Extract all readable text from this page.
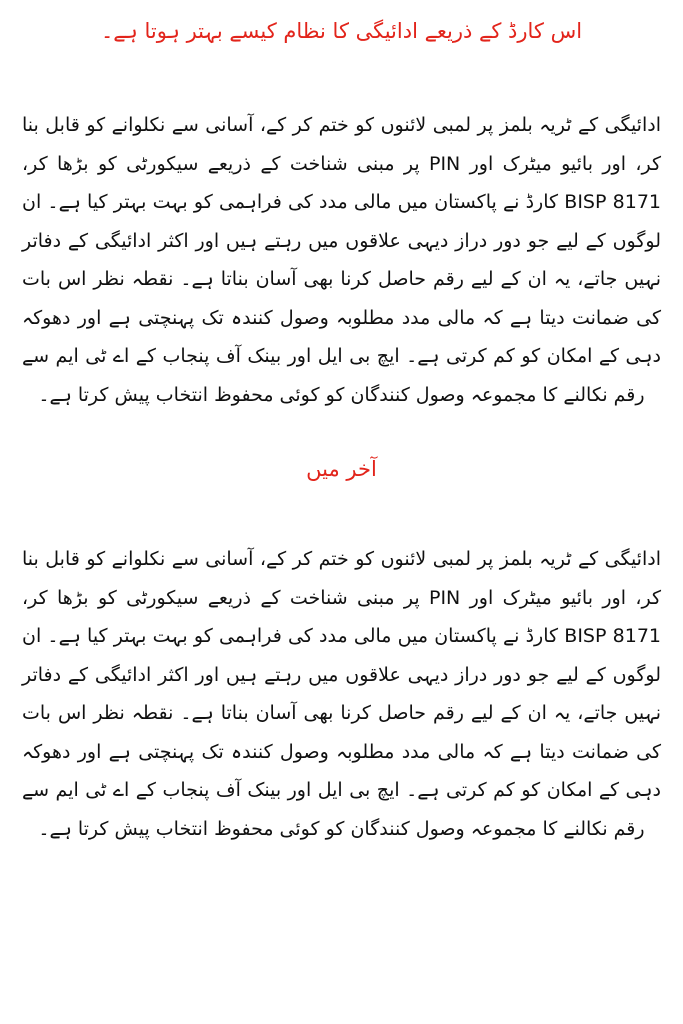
اس کارڈ کے ذریعے ادائیگی کا نظام کیسے بہتر ہوتا ہے۔

ادائیگی کے ٹریہ بلمز پر لمبی لائنوں کو ختم کر کے، آسانی سے نکلوانے کو قابل بنا کر، اور بائیو میٹرک اور PIN پر مبنی شناخت کے ذریعے سیکورٹی کو بڑھا کر، BISP 8171 کارڈ نے پاکستان میں مالی مدد کی فراہمی کو بہت بہتر کیا ہے۔ ان لوگوں کے لیے جو دور دراز دیہی علاقوں میں رہتے ہیں اور اکثر ادائیگی کے دفاتر نہیں جاتے، یہ ان کے لیے رقم حاصل کرنا بھی آسان بناتا ہے۔ نقطہ نظر اس بات کی ضمانت دیتا ہے کہ مالی مدد مطلوبہ وصول کنندہ تک پہنچتی ہے اور دھوکہ دہی کے امکان کو کم کرتی ہے۔ ایچ بی ایل اور بینک آف پنجاب کے اے ٹی ایم سے رقم نکالنے کا مجموعہ وصول کنندگان کو کوئی محفوظ انتخاب پیش کرتا ہے۔

آخر میں

ادائیگی کے ٹریہ بلمز پر لمبی لائنوں کو ختم کر کے، آسانی سے نکلوانے کو قابل بنا کر، اور بائیو میٹرک اور PIN پر مبنی شناخت کے ذریعے سیکورٹی کو بڑھا کر، BISP 8171 کارڈ نے پاکستان میں مالی مدد کی فراہمی کو بہت بہتر کیا ہے۔ ان لوگوں کے لیے جو دور دراز دیہی علاقوں میں رہتے ہیں اور اکثر ادائیگی کے دفاتر نہیں جاتے، یہ ان کے لیے رقم حاصل کرنا بھی آسان بناتا ہے۔ نقطہ نظر اس بات کی ضمانت دیتا ہے کہ مالی مدد مطلوبہ وصول کنندہ تک پہنچتی ہے اور دھوکہ دہی کے امکان کو کم کرتی ہے۔ ایچ بی ایل اور بینک آف پنجاب کے اے ٹی ایم سے رقم نکالنے کا مجموعہ وصول کنندگان کو کوئی محفوظ انتخاب پیش کرتا ہے۔
